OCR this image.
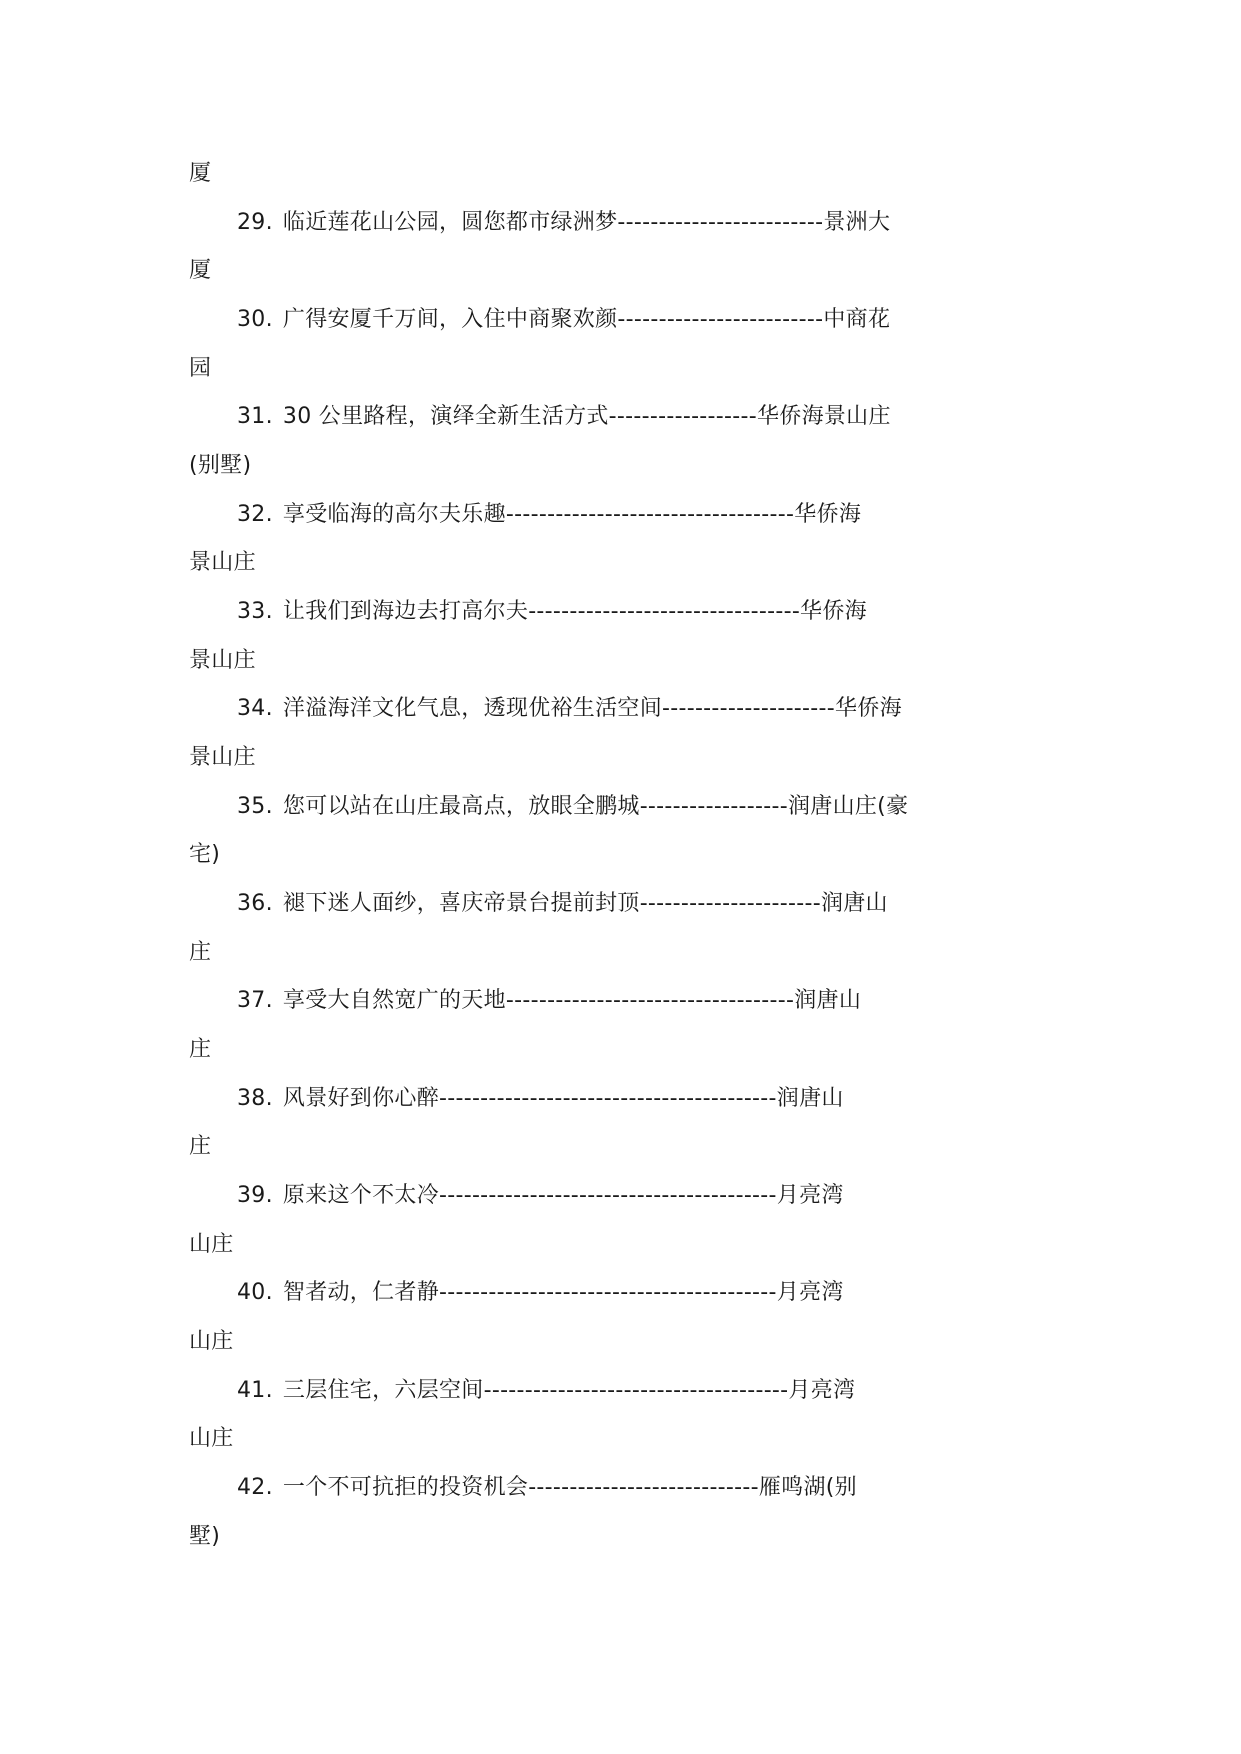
厦
29. 临近莲花山公园，圆您都市绿洲梦-------------------------景洲大
厦
30. 广得安厦千万间，入住中商聚欢颜-------------------------中商花
园
31. 30 公里路程，演绎全新生活方式------------------华侨海景山庄
(别墅)
32. 享受临海的高尔夫乐趣-----------------------------------华侨海
景山庄
33. 让我们到海边去打高尔夫---------------------------------华侨海
景山庄
34. 洋溢海洋文化气息，透现优裕生活空间---------------------华侨海
景山庄
35. 您可以站在山庄最高点，放眼全鹏城------------------润唐山庄(豪
宅)
36. 褪下迷人面纱，喜庆帝景台提前封顶----------------------润唐山
庄
37. 享受大自然宽广的天地-----------------------------------润唐山
庄
38. 风景好到你心醉-----------------------------------------润唐山
庄
39. 原来这个不太冷-----------------------------------------月亮湾
山庄
40. 智者动，仁者静-----------------------------------------月亮湾
山庄
41. 三层住宅，六层空间-------------------------------------月亮湾
山庄
42. 一个不可抗拒的投资机会----------------------------雁鸣湖(别
墅)
